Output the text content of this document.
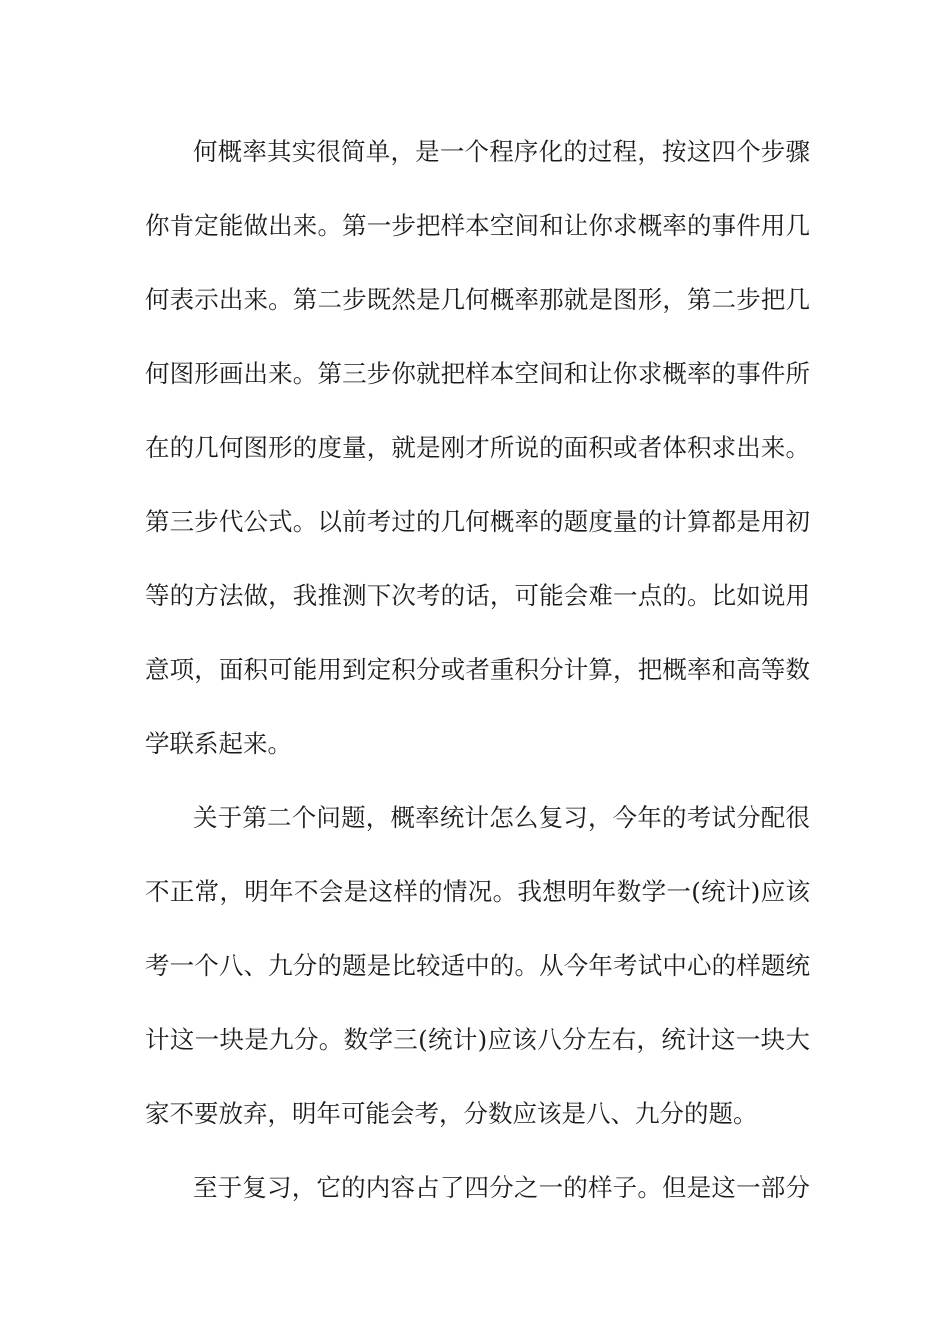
何概率其实很简单，是一个程序化的过程，按这四个步骤
你肯定能做出来。第一步把样本空间和让你求概率的事件用几
何表示出来。第二步既然是几何概率那就是图形，第二步把几
何图形画出来。第三步你就把样本空间和让你求概率的事件所
在的几何图形的度量，就是刚才所说的面积或者体积求出来。
第三步代公式。以前考过的几何概率的题度量的计算都是用初
等的方法做，我推测下次考的话，可能会难一点的。比如说用
意项，面积可能用到定积分或者重积分计算，把概率和高等数
学联系起来。
关于第二个问题，概率统计怎么复习，今年的考试分配很
不正常，明年不会是这样的情况。我想明年数学一(统计)应该
考一个八、九分的题是比较适中的。从今年考试中心的样题统
计这一块是九分。数学三(统计)应该八分左右，统计这一块大
家不要放弃，明年可能会考，分数应该是八、九分的题。
至于复习，它的内容占了四分之一的样子。但是这一部分
